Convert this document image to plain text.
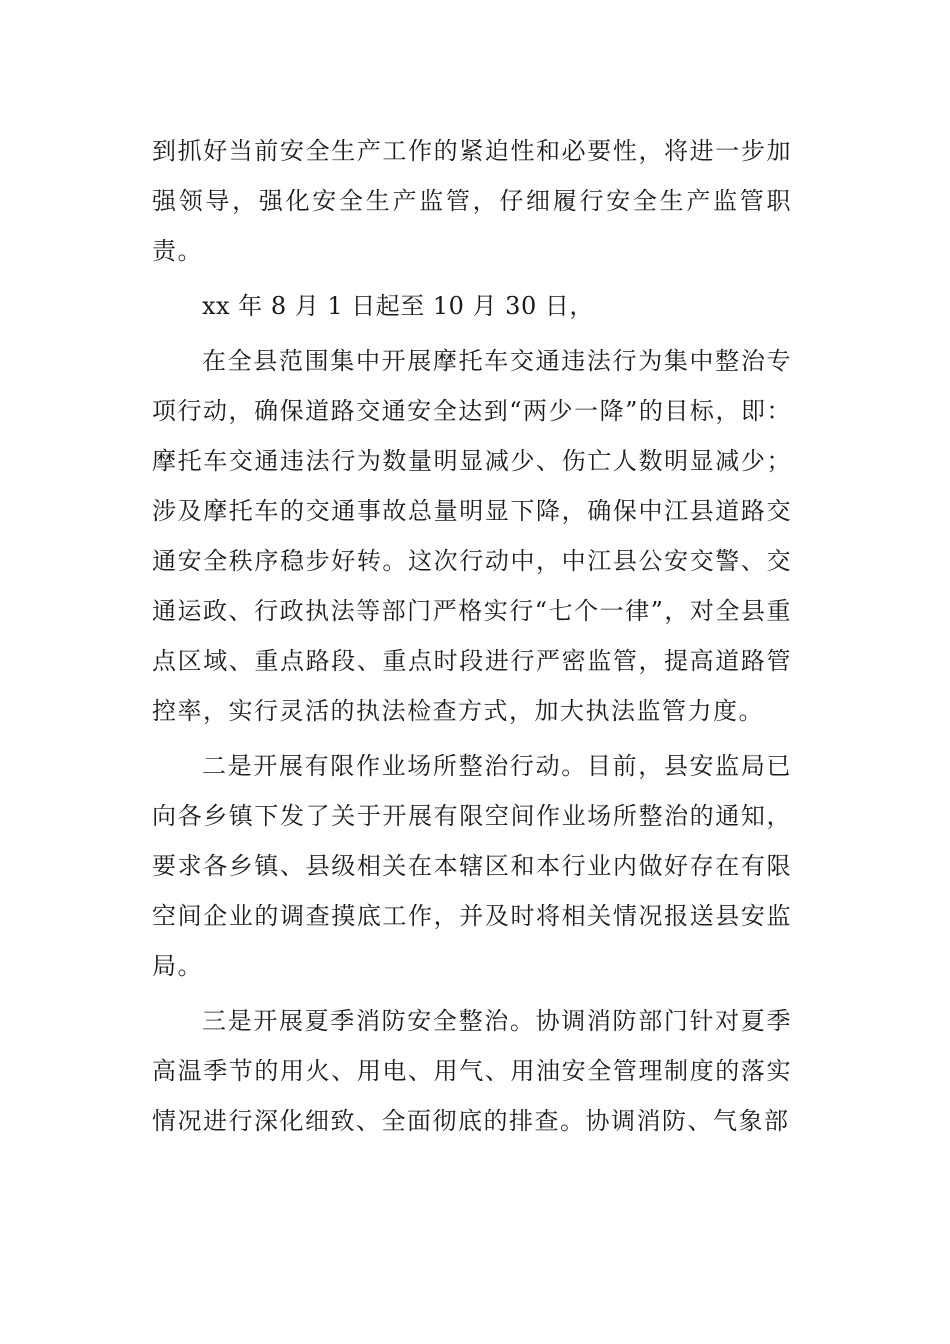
到抓好当前安全生产工作的紧迫性和必要性，将进一步加强领导，强化安全生产监管，仔细履行安全生产监管职责。

xx 年 8 月 1 日起至 10 月 30 日，

在全县范围集中开展摩托车交通违法行为集中整治专项行动，确保道路交通安全达到“两少一降”的目标，即：摩托车交通违法行为数量明显减少、伤亡人数明显减少；涉及摩托车的交通事故总量明显下降，确保中江县道路交通安全秩序稳步好转。这次行动中，中江县公安交警、交通运政、行政执法等部门严格实行“七个一律”，对全县重点区域、重点路段、重点时段进行严密监管，提高道路管控率，实行灵活的执法检查方式，加大执法监管力度。

二是开展有限作业场所整治行动。目前，县安监局已向各乡镇下发了关于开展有限空间作业场所整治的通知，要求各乡镇、县级相关在本辖区和本行业内做好存在有限空间企业的调查摸底工作，并及时将相关情况报送县安监局。

三是开展夏季消防安全整治。协调消防部门针对夏季高温季节的用火、用电、用气、用油安全管理制度的落实情况进行深化细致、全面彻底的排查。协调消防、气象部
